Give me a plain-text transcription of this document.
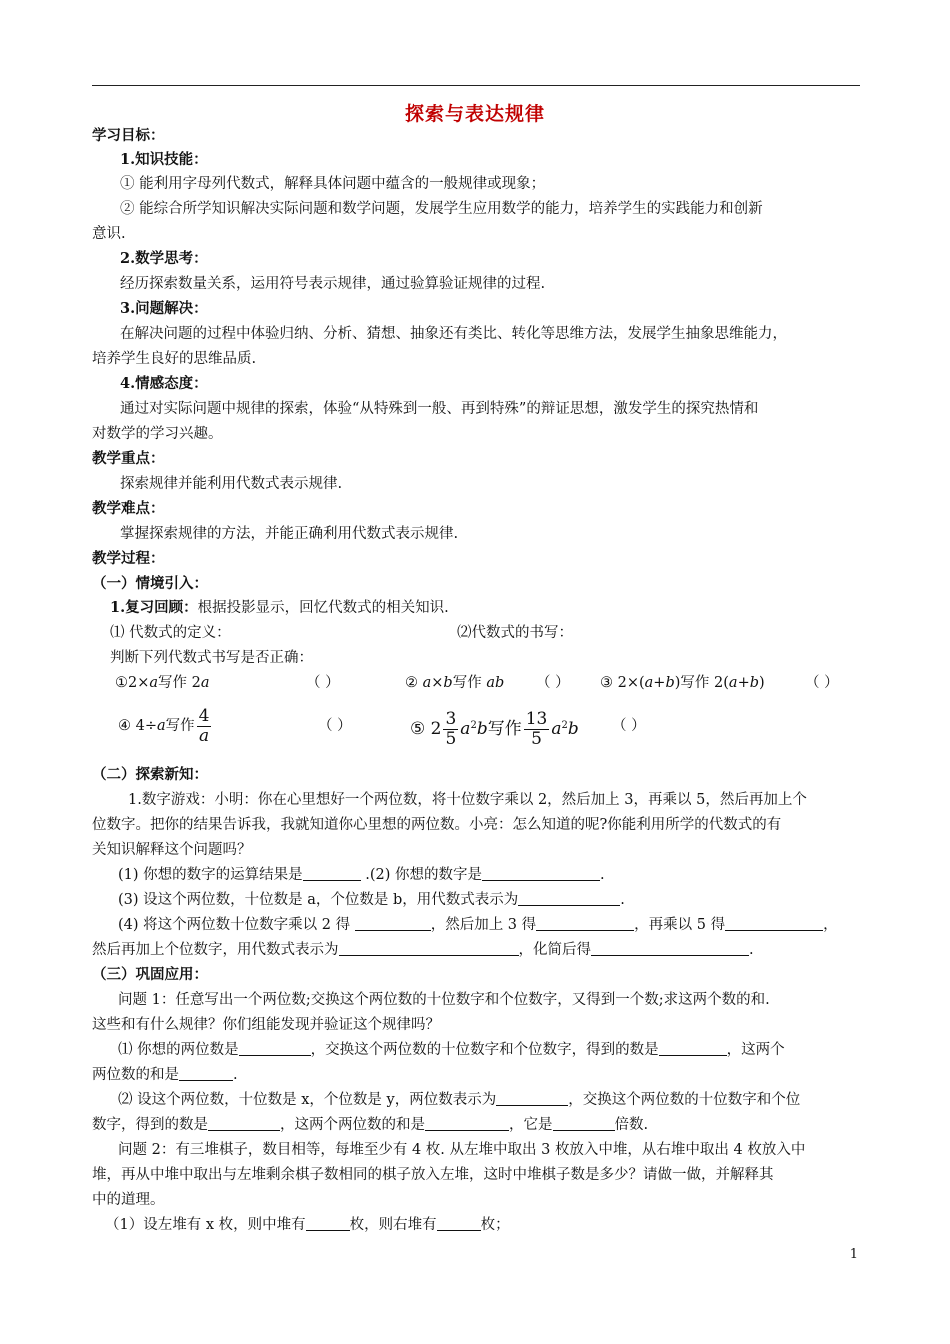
探索与表达规律
学习目标：
1.知识技能：
① 能利用字母列代数式，解释具体问题中蕴含的一般规律或现象；
② 能综合所学知识解决实际问题和数学问题，发展学生应用数学的能力，培养学生的实践能力和创新
意识.
2.数学思考：
经历探索数量关系，运用符号表示规律，通过验算验证规律的过程.
3.问题解决：
在解决问题的过程中体验归纳、分析、猜想、抽象还有类比、转化等思维方法，发展学生抽象思维能力，
培养学生良好的思维品质.
4.情感态度：
通过对实际问题中规律的探索，体验“从特殊到一般、再到特殊”的辩证思想，激发学生的探究热情和
对数学的学习兴趣。
教学重点：
探索规律并能利用代数式表示规律.
教学难点：
掌握探索规律的方法，并能正确利用代数式表示规律.
教学过程：
（一）情境引入：
1.复习回顾：根据投影显示，回忆代数式的相关知识.
⑴ 代数式的定义：	⑵代数式的书写：
判断下列代数式书写是否正确：
①2×a写作 2a	（ ）	② a×b写作 ab （ ） ③ 2×(a+b)写作 2(a+b)	（ ）
④ 4÷a写作 $\frac{4}{a}$	（ ）	⑤ $2 \frac{3}{5} a^2b$写作 $\frac{13}{5} a^2b$ （ ）
（二）探索新知：
1.数字游戏：小明：你在心里想好一个两位数，将十位数字乘以 2，然后加上 3，再乘以 5，然后再加上个
位数字。把你的结果告诉我，我就知道你心里想的两位数。小亮：怎么知道的呢?你能利用所学的代数式的有
关知识解释这个问题吗？
(1) 你想的数字的运算结果是	.(2) 你想的数字是	.
(3) 设这个两位数，十位数是 a，个位数是 b，用代数式表示为	.
(4) 将这个两位数十位数字乘以 2 得	，然后加上 3 得	，再乘以 5 得	，
然后再加上个位数字，用代数式表示为	，化简后得	.
（三）巩固应用：
问题 1：任意写出一个两位数;交换这个两位数的十位数字和个位数字，又得到一个数;求这两个数的和.
这些和有什么规律？你们组能发现并验证这个规律吗？
⑴ 你想的两位数是	，交换这个两位数的十位数字和个位数字，得到的数是	，这两个
两位数的和是	.
⑵ 设这个两位数，十位数是 x，个位数是 y，两位数表示为	，交换这个两位数的十位数字和个位
数字，得到的数是	，这两个两位数的和是	，它是	倍数.
问题 2：有三堆棋子，数目相等，每堆至少有 4 枚. 从左堆中取出 3 枚放入中堆，从右堆中取出 4 枚放入中
堆，再从中堆中取出与左堆剩余棋子数相同的棋子放入左堆，这时中堆棋子数是多少？请做一做，并解释其
中的道理。
（1）设左堆有 x 枚，则中堆有	枚，则右堆有	枚；
1
